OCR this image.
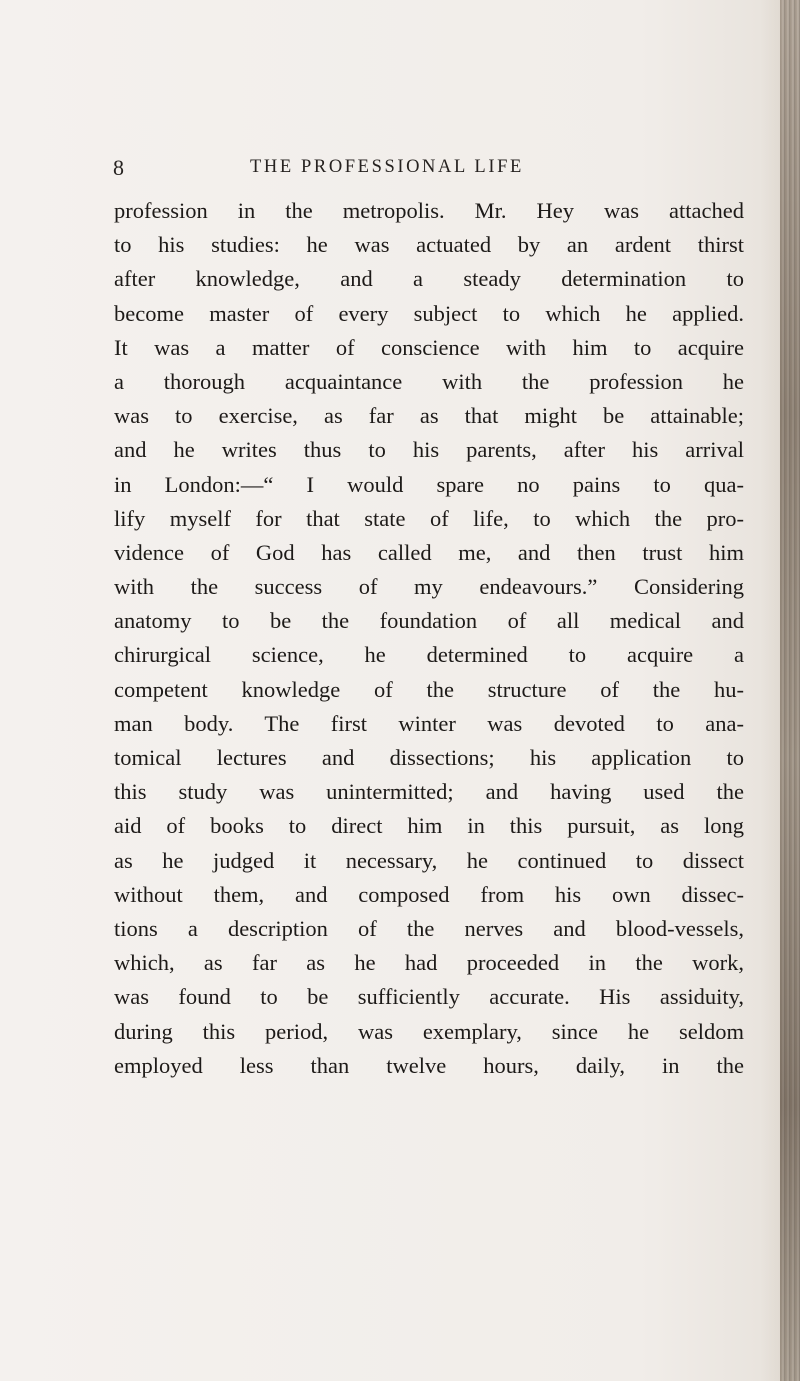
8	THE PROFESSIONAL LIFE
profession in the metropolis. Mr. Hey was attached
to his studies: he was actuated by an ardent thirst
after knowledge, and a steady determination to
become master of every subject to which he applied.
It was a matter of conscience with him to acquire
a thorough acquaintance with the profession he
was to exercise, as far as that might be attainable;
and he writes thus to his parents, after his arrival
in London:—“ I would spare no pains to qua-
lify myself for that state of life, to which the pro-
vidence of God has called me, and then trust him
with the success of my endeavours.” Considering
anatomy to be the foundation of all medical and
chirurgical science, he determined to acquire a
competent knowledge of the structure of the hu-
man body. The first winter was devoted to ana-
tomical lectures and dissections; his application to
this study was unintermitted; and having used the
aid of books to direct him in this pursuit, as long
as he judged it necessary, he continued to dissect
without them, and composed from his own dissec-
tions a description of the nerves and blood-vessels,
which, as far as he had proceeded in the work,
was found to be sufficiently accurate. His assiduity,
during this period, was exemplary, since he seldom
employed less than twelve hours, daily, in the
